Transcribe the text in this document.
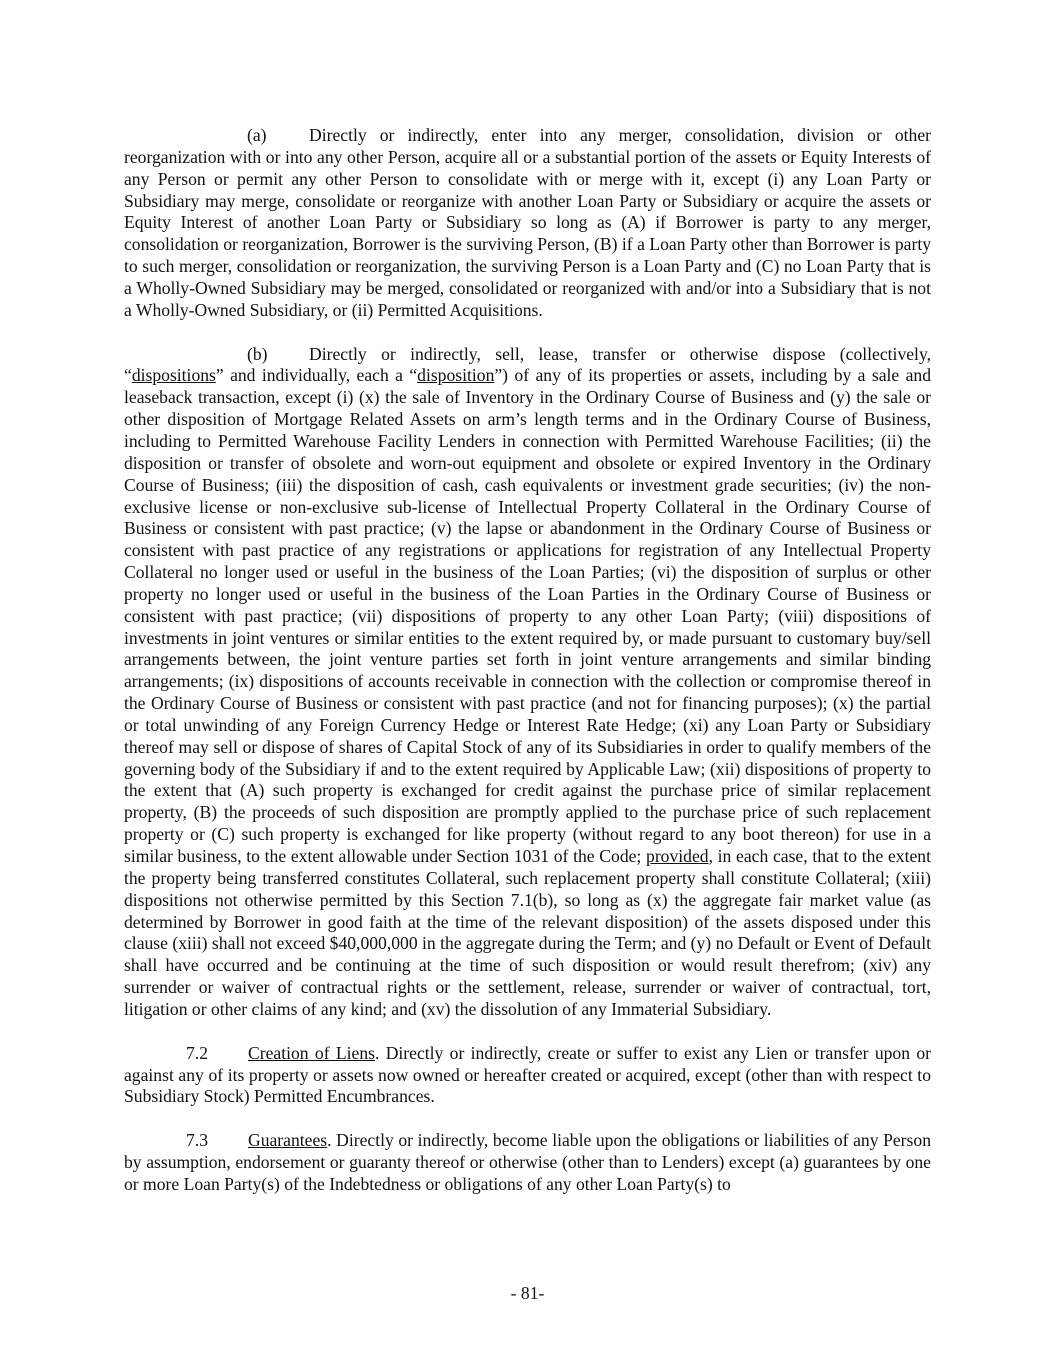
(a) Directly or indirectly, enter into any merger, consolidation, division or other reorganization with or into any other Person, acquire all or a substantial portion of the assets or Equity Interests of any Person or permit any other Person to consolidate with or merge with it, except (i) any Loan Party or Subsidiary may merge, consolidate or reorganize with another Loan Party or Subsidiary or acquire the assets or Equity Interest of another Loan Party or Subsidiary so long as (A) if Borrower is party to any merger, consolidation or reorganization, Borrower is the surviving Person, (B) if a Loan Party other than Borrower is party to such merger, consolidation or reorganization, the surviving Person is a Loan Party and (C) no Loan Party that is a Wholly-Owned Subsidiary may be merged, consolidated or reorganized with and/or into a Subsidiary that is not a Wholly-Owned Subsidiary, or (ii) Permitted Acquisitions.

(b) Directly or indirectly, sell, lease, transfer or otherwise dispose (collectively, “dispositions” and individually, each a “disposition”) of any of its properties or assets, including by a sale and leaseback transaction, except (i) (x) the sale of Inventory in the Ordinary Course of Business and (y) the sale or other disposition of Mortgage Related Assets on arm’s length terms and in the Ordinary Course of Business, including to Permitted Warehouse Facility Lenders in connection with Permitted Warehouse Facilities; (ii) the disposition or transfer of obsolete and worn-out equipment and obsolete or expired Inventory in the Ordinary Course of Business; (iii) the disposition of cash, cash equivalents or investment grade securities; (iv) the non-exclusive license or non-exclusive sub-license of Intellectual Property Collateral in the Ordinary Course of Business or consistent with past practice; (v) the lapse or abandonment in the Ordinary Course of Business or consistent with past practice of any registrations or applications for registration of any Intellectual Property Collateral no longer used or useful in the business of the Loan Parties; (vi) the disposition of surplus or other property no longer used or useful in the business of the Loan Parties in the Ordinary Course of Business or consistent with past practice; (vii) dispositions of property to any other Loan Party; (viii) dispositions of investments in joint ventures or similar entities to the extent required by, or made pursuant to customary buy/sell arrangements between, the joint venture parties set forth in joint venture arrangements and similar binding arrangements; (ix) dispositions of accounts receivable in connection with the collection or compromise thereof in the Ordinary Course of Business or consistent with past practice (and not for financing purposes); (x) the partial or total unwinding of any Foreign Currency Hedge or Interest Rate Hedge; (xi) any Loan Party or Subsidiary thereof may sell or dispose of shares of Capital Stock of any of its Subsidiaries in order to qualify members of the governing body of the Subsidiary if and to the extent required by Applicable Law; (xii) dispositions of property to the extent that (A) such property is exchanged for credit against the purchase price of similar replacement property, (B) the proceeds of such disposition are promptly applied to the purchase price of such replacement property or (C) such property is exchanged for like property (without regard to any boot thereon) for use in a similar business, to the extent allowable under Section 1031 of the Code; provided, in each case, that to the extent the property being transferred constitutes Collateral, such replacement property shall constitute Collateral; (xiii) dispositions not otherwise permitted by this Section 7.1(b), so long as (x) the aggregate fair market value (as determined by Borrower in good faith at the time of the relevant disposition) of the assets disposed under this clause (xiii) shall not exceed $40,000,000 in the aggregate during the Term; and (y) no Default or Event of Default shall have occurred and be continuing at the time of such disposition or would result therefrom; (xiv) any surrender or waiver of contractual rights or the settlement, release, surrender or waiver of contractual, tort, litigation or other claims of any kind; and (xv) the dissolution of any Immaterial Subsidiary.

7.2 Creation of Liens. Directly or indirectly, create or suffer to exist any Lien or transfer upon or against any of its property or assets now owned or hereafter created or acquired, except (other than with respect to Subsidiary Stock) Permitted Encumbrances.

7.3 Guarantees. Directly or indirectly, become liable upon the obligations or liabilities of any Person by assumption, endorsement or guaranty thereof or otherwise (other than to Lenders) except (a) guarantees by one or more Loan Party(s) of the Indebtedness or obligations of any other Loan Party(s) to

- 81-
